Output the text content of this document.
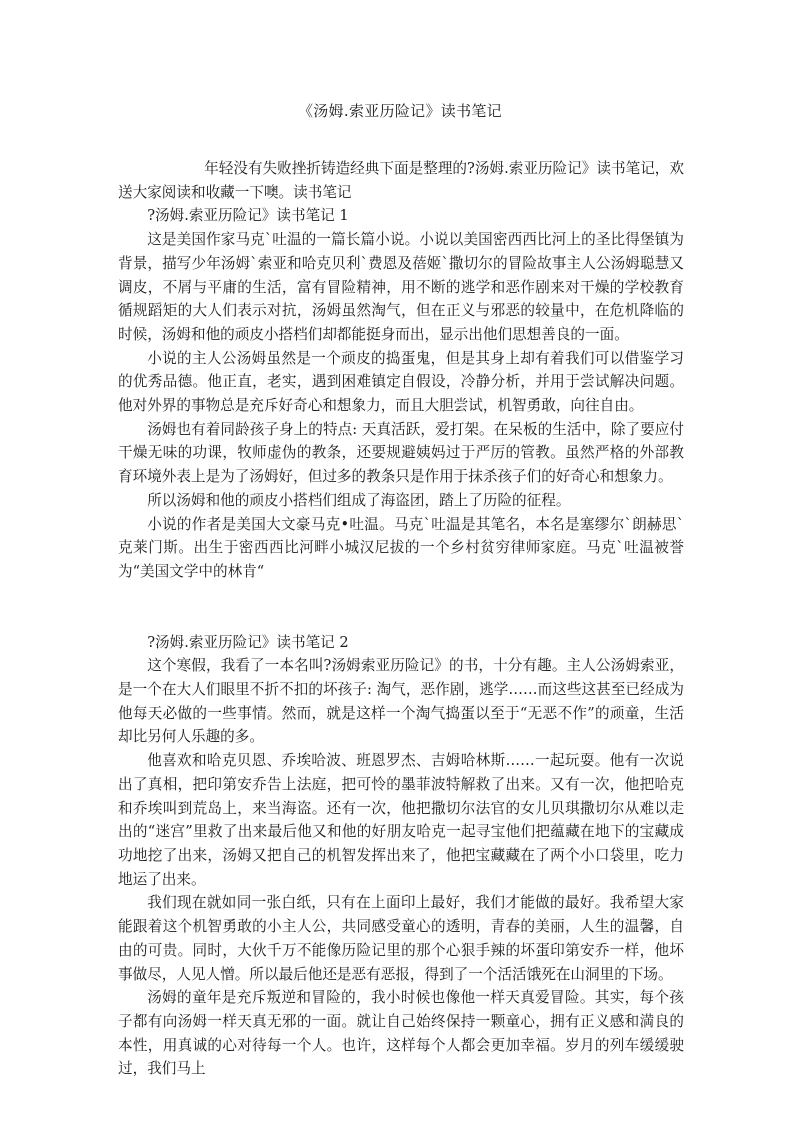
《汤姆.索亚历险记》读书笔记

年轻没有失败挫折铸造经典下面是整理的?汤姆.索亚历险记》读书笔记，欢送大家阅读和收藏一下噢。读书笔记

?汤姆.索亚历险记》读书笔记 1

这是美国作家马克`吐温的一篇长篇小说。小说以美国密西西比河上的圣比得堡镇为背景，描写少年汤姆`索亚和哈克贝利`费恩及蓓姬`撒切尔的冒险故事主人公汤姆聪慧又调皮，不屑与平庸的生活，富有冒险精神，用不断的逃学和恶作剧来对干燥的学校教育循规蹈矩的大人们表示对抗，汤姆虽然淘气，但在正义与邪恶的较量中，在危机降临的时候，汤姆和他的顽皮小搭档们却都能挺身而出，显示出他们思想善良的一面。

小说的主人公汤姆虽然是一个顽皮的捣蛋鬼，但是其身上却有着我们可以借鉴学习的优秀品德。他正直，老实，遇到困难镇定自假设，冷静分析，并用于尝试解决问题。他对外界的事物总是充斥好奇心和想象力，而且大胆尝试，机智勇敢，向往自由。

汤姆也有着同龄孩子身上的特点: 天真活跃，爱打架。在呆板的生活中，除了要应付干燥无味的功课，牧师虚伪的教条，还要规避姨妈过于严厉的管教。虽然严格的外部教育环境外表上是为了汤姆好，但过多的教条只是作用于抹杀孩子们的好奇心和想象力。

所以汤姆和他的顽皮小搭档们组成了海盗团，踏上了历险的征程。

小说的作者是美国大文豪马克•吐温。马克`吐温是其笔名，本名是塞缪尔`朗赫思`克莱门斯。出生于密西西比河畔小城汉尼拔的一个乡村贫穷律师家庭。马克`吐温被誉为“美国文学中的林肯“

?汤姆.索亚历险记》读书笔记 2

这个寒假，我看了一本名叫?汤姆索亚历险记》的书，十分有趣。主人公汤姆索亚，是一个在大人们眼里不折不扣的坏孩子: 淘气，恶作剧，逃学……而这些这甚至已经成为他每天必做的一些事情。然而，就是这样一个淘气捣蛋以至于“无恶不作”的顽童，生活却比另何人乐趣的多。

他喜欢和哈克贝恩、乔埃哈波、班恩罗杰、吉姆哈林斯……一起玩耍。他有一次说出了真相，把印第安乔告上法庭，把可怜的墨菲波特解救了出来。又有一次，他把哈克和乔埃叫到荒岛上，来当海盗。还有一次，他把撒切尔法官的女儿贝琪撒切尔从难以走出的“迷宫”里救了出来最后他又和他的好朋友哈克一起寻宝他们把蕴藏在地下的宝藏成功地挖了出来，汤姆又把自己的机智发挥出来了，他把宝藏藏在了两个小口袋里，吃力地运了出来。

我们现在就如同一张白纸，只有在上面印上最好，我们才能做的最好。我希望大家能跟着这个机智勇敢的小主人公，共同感受童心的透明，青春的美丽，人生的温馨，自由的可贵。同时，大伙千万不能像历险记里的那个心狠手辣的坏蛋印第安乔一样，他坏事做尽，人见人憎。所以最后他还是恶有恶报，得到了一个活活饿死在山洞里的下场。

汤姆的童年是充斥叛逆和冒险的，我小时候也像他一样天真爱冒险。其实，每个孩子都有向汤姆一样天真无邪的一面。就让自己始终保持一颗童心，拥有正义感和満良的本性，用真诚的心对待每一个人。也许，这样每个人都会更加幸福。岁月的列车缓缓驶过，我们马上
